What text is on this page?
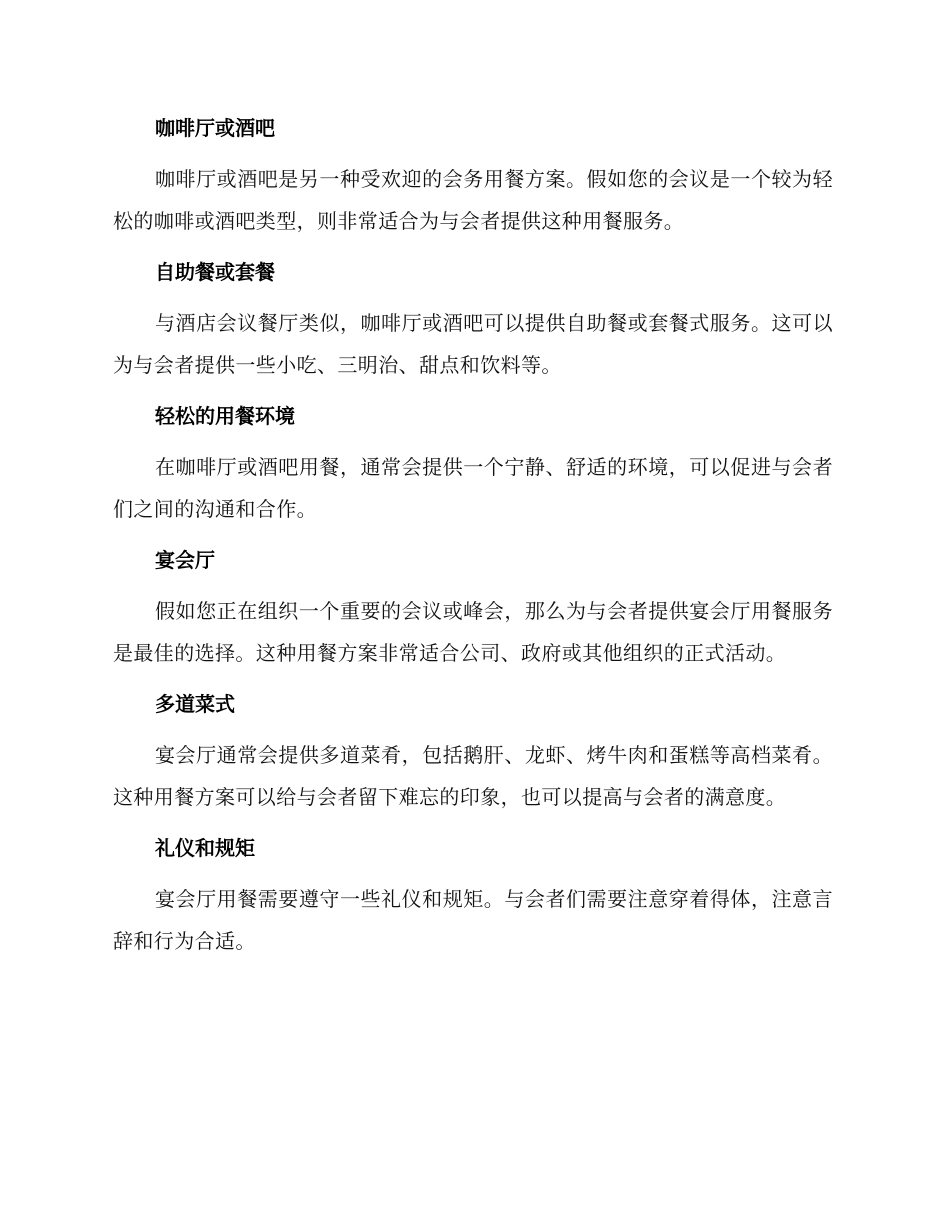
咖啡厅或酒吧

咖啡厅或酒吧是另一种受欢迎的会务用餐方案。假如您的会议是一个较为轻松的咖啡或酒吧类型，则非常适合为与会者提供这种用餐服务。

自助餐或套餐

与酒店会议餐厅类似，咖啡厅或酒吧可以提供自助餐或套餐式服务。这可以为与会者提供一些小吃、三明治、甜点和饮料等。

轻松的用餐环境

在咖啡厅或酒吧用餐，通常会提供一个宁静、舒适的环境，可以促进与会者们之间的沟通和合作。

宴会厅

假如您正在组织一个重要的会议或峰会，那么为与会者提供宴会厅用餐服务是最佳的选择。这种用餐方案非常适合公司、政府或其他组织的正式活动。

多道菜式

宴会厅通常会提供多道菜肴，包括鹅肝、龙虾、烤牛肉和蛋糕等高档菜肴。这种用餐方案可以给与会者留下难忘的印象，也可以提高与会者的满意度。

礼仪和规矩

宴会厅用餐需要遵守一些礼仪和规矩。与会者们需要注意穿着得体，注意言辞和行为合适。
